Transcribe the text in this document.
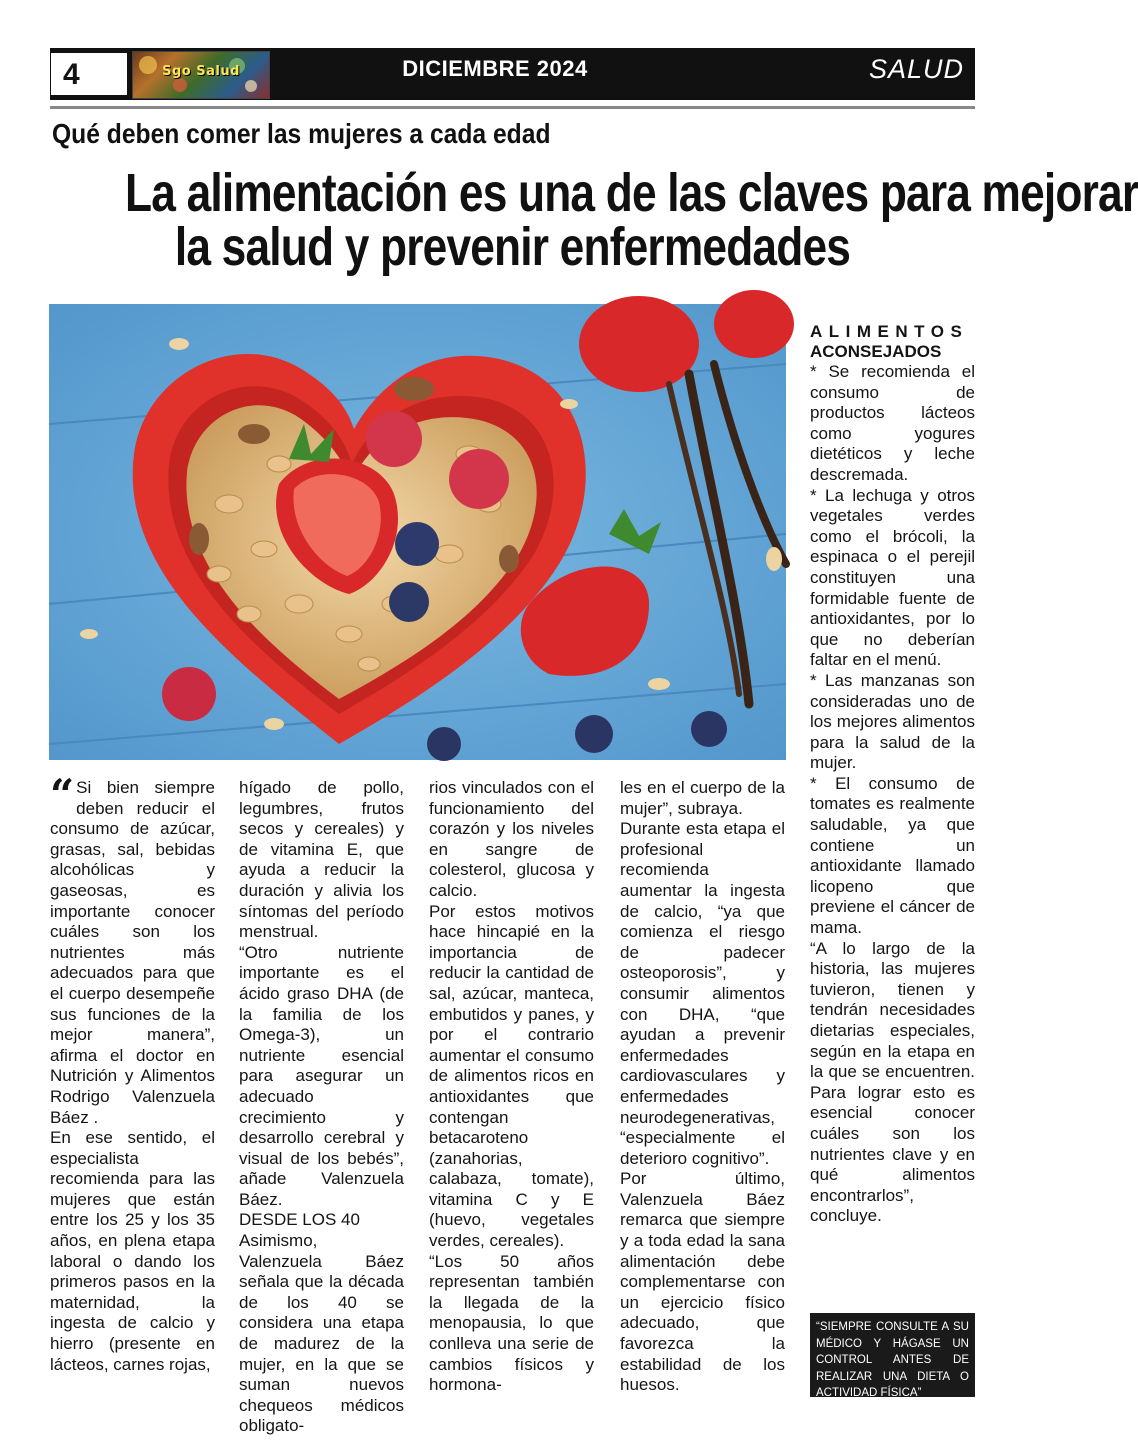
4	Sgo Salud	DICIEMBRE 2024	SALUD
Qué deben comer las mujeres a cada edad
La alimentación es una de las claves para mejorar
la salud y prevenir enfermedades
ALIMENTOS
ACONSEJADOS

* Se recomienda el consumo de productos lácteos como yogures dietéticos y leche descremada.

* La lechuga y otros vegetales verdes como el brócoli, la espinaca o el perejil constituyen una formidable fuente de antioxidantes, por lo que no deberían faltar en el menú.

* Las manzanas son consideradas uno de los mejores alimentos para la salud de la mujer.

* El consumo de tomates es realmente saludable, ya que contiene un antioxidante llamado licopeno que previene el cáncer de mama.

“A lo largo de la historia, las mujeres tuvieron, tienen y tendrán necesidades dietarias especiales, según en la etapa en la que se encuentren. Para lograr esto es esencial conocer cuáles son los nutrientes clave y en qué alimentos encontrarlos”, concluye.

“SIEMPRE CONSULTE A SU MÉDICO Y HÁGASE UN CONTROL ANTES DE REALIZAR UNA DIETA O ACTIVIDAD FÍSICA”

“ Si bien siempre deben reducir el consumo de azúcar, grasas, sal, bebidas alcohólicas y gaseosas, es importante conocer cuáles son los nutrientes más adecuados para que el cuerpo desempeñe sus funciones de la mejor manera”, afirma el doctor en Nutrición y Alimentos Rodrigo Valenzuela Báez .

En ese sentido, el especialista recomienda para las mujeres que están entre los 25 y los 35 años, en plena etapa laboral o dando los primeros pasos en la maternidad, la ingesta de calcio y hierro (presente en lácteos, carnes rojas,

hígado de pollo, legumbres, frutos secos y cereales) y de vitamina E, que ayuda a reducir la duración y alivia los síntomas del período menstrual.

“Otro nutriente importante es el ácido graso DHA (de la familia de los Omega-3), un nutriente esencial para asegurar un adecuado crecimiento y desarrollo cerebral y visual de los bebés”, añade Valenzuela Báez.

DESDE LOS 40

Asimismo, Valenzuela Báez señala que la década de los 40 se considera una etapa de madurez de la mujer, en la que se suman nuevos chequeos médicos obligato-

rios vinculados con el funcionamiento del corazón y los niveles en sangre de colesterol, glucosa y calcio.

Por estos motivos hace hincapié en la importancia de reducir la cantidad de sal, azúcar, manteca, embutidos y panes, y por el contrario aumentar el consumo de alimentos ricos en antioxidantes que contengan betacaroteno (zanahorias, calabaza, tomate), vitamina C y E (huevo, vegetales verdes, cereales).

“Los 50 años representan también la llegada de la menopausia, lo que conlleva una serie de cambios físicos y hormona-

les en el cuerpo de la mujer”, subraya.

Durante esta etapa el profesional recomienda aumentar la ingesta de calcio, “ya que comienza el riesgo de padecer osteoporosis”, y consumir alimentos con DHA, “que ayudan a prevenir enfermedades cardiovasculares y enfermedades neurodegenerativas, “especialmente el deterioro cognitivo”.

Por último, Valenzuela Báez remarca que siempre y a toda edad la sana alimentación debe complementarse con un ejercicio físico adecuado, que favorezca la estabilidad de los huesos.
